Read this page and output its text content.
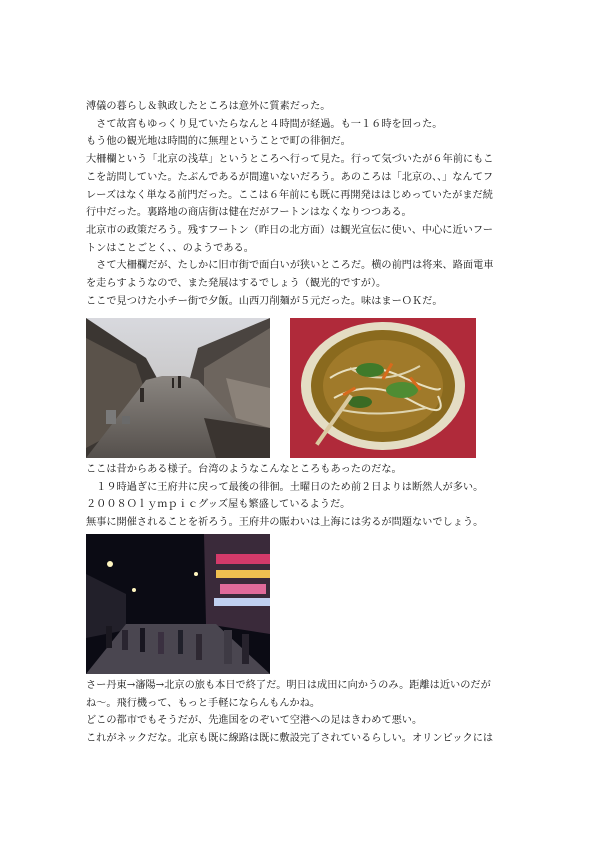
溥儀の暮らし＆執政したところは意外に質素だった。
　さて故宮もゆっくり見ていたらなんと４時間が経過。も一１６時を回った。
もう他の観光地は時間的に無理ということで町の徘徊だ。
大柵欄という「北京の浅草」というところへ行って見た。行って気づいたが６年前にもこ
こを訪問していた。たぶんであるが間違いないだろう。あのころは「北京の、、」なんてフ
レーズはなく単なる前門だった。ここは６年前にも既に再開発ははじめっていたがまだ続
行中だった。裏路地の商店街は健在だがフートンはなくなりつつある。
北京市の政策だろう。残すフートン（昨日の北方面）は観光宣伝に使い、中心に近いフー
トンはことごとく、、のようである。
　さて大柵欄だが、たしかに旧市街で面白いが狭いところだ。横の前門は将来、路面電車
を走らすようなので、また発展はするでしょう（観光的ですが）。
ここで見つけた小チー街で夕飯。山西刀削麺が５元だった。味はまーＯＫだ。
ここは昔からある様子。台湾のようなこんなところもあったのだな。
　１９時過ぎに王府井に戻って最後の徘徊。土曜日のため前２日よりは断然人が多い。
２００８Ｏｌｙｍｐｉｃグッズ屋も繁盛しているようだ。
無事に開催されることを祈ろう。王府井の賑わいは上海には劣るが問題ないでしょう。
さー丹東→瀋陽→北京の旅も本日で終了だ。明日は成田に向かうのみ。距離は近いのだが
ね〜。飛行機って、もっと手軽にならんもんかね。
どこの都市でもそうだが、先進国をのぞいて空港への足はきわめて悪い。
これがネックだな。北京も既に線路は既に敷設完了されているらしい。オリンピックには
